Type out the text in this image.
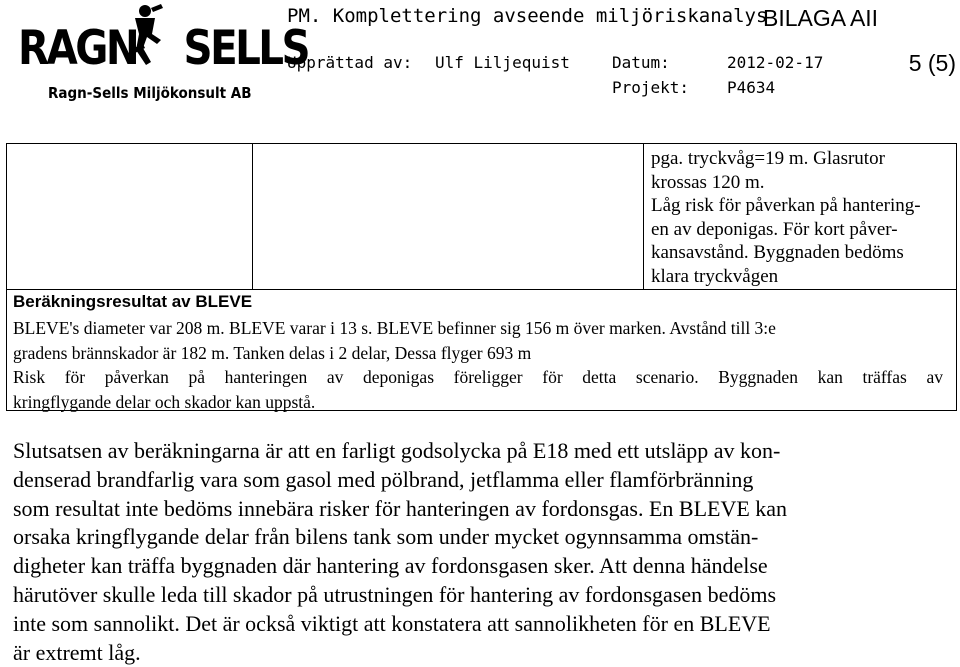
RAGN SELLS
Ragn-Sells Miljökonsult AB
PM. Komplettering avseende miljöriskanalys
BILAGA AII
Upprättad av: Ulf Liljequist	Datum:	2012-02-17
Projekt: P4634
5 (5)
pga. tryckvåg=19 m. Glasrutor
krossas 120 m.
Låg risk för påverkan på hantering-
en av deponigas. För kort påver-
kansavstånd. Byggnaden bedöms
klara tryckvågen
Beräkningsresultat av BLEVE
BLEVE's diameter var 208 m. BLEVE varar i 13 s. BLEVE befinner sig 156 m över marken. Avstånd till 3:e
gradens brännskador är 182 m. Tanken delas i 2 delar, Dessa flyger 693 m
Risk för påverkan på hanteringen av deponigas föreligger för detta scenario. Byggnaden kan träffas av
kringflygande delar och skador kan uppstå.
Slutsatsen av beräkningarna är att en farligt godsolycka på E18 med ett utsläpp av kon-
denserad brandfarlig vara som gasol med pölbrand, jetflamma eller flamförbränning
som resultat inte bedöms innebära risker för hanteringen av fordonsgas. En BLEVE kan
orsaka kringflygande delar från bilens tank som under mycket ogynnsamma omstän-
digheter kan träffa byggnaden där hantering av fordonsgasen sker. Att denna händelse
härutöver skulle leda till skador på utrustningen för hantering av fordonsgasen bedöms
inte som sannolikt. Det är också viktigt att konstatera att sannolikheten för en BLEVE
är extremt låg.
